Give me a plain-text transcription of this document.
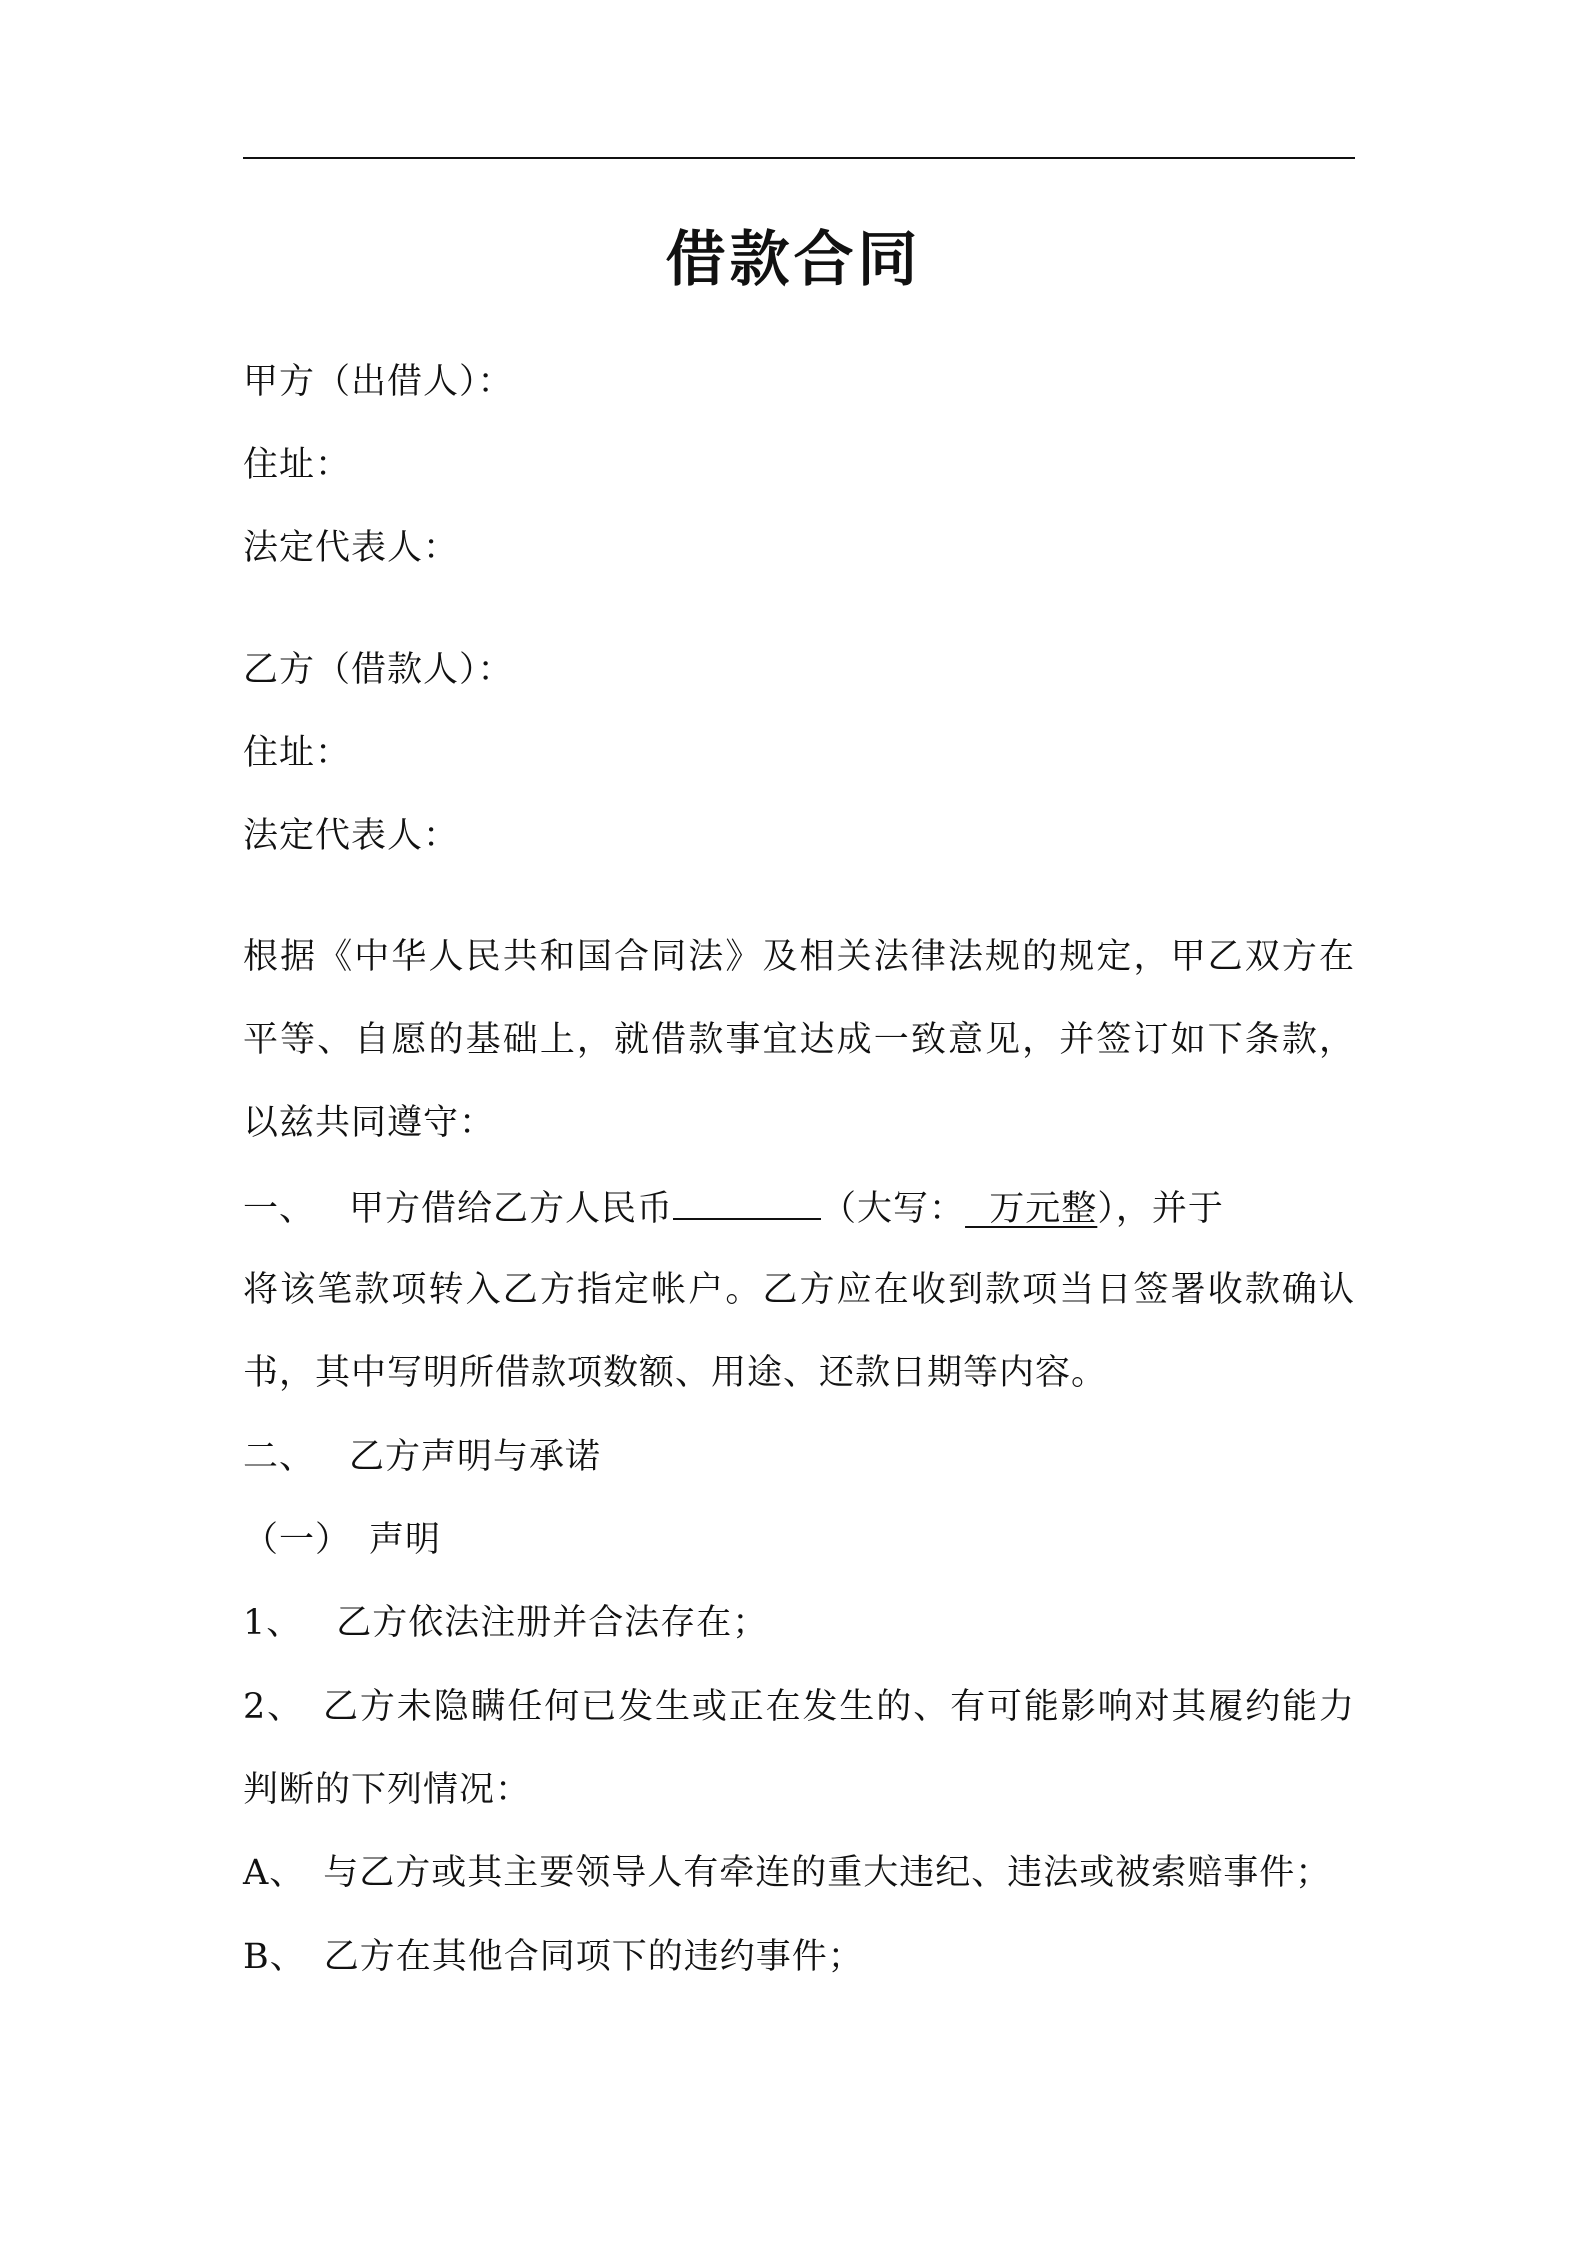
借款合同
甲方（出借人）：
住址：
法定代表人：
乙方（借款人）：
住址：
法定代表人：
根据《中华人民共和国合同法》及相关法律法规的规定，甲乙双方在
平等、自愿的基础上，就借款事宜达成一致意见，并签订如下条款，
以兹共同遵守：
一、 甲方借给乙方人民币	（大写：  万元整），并于
将该笔款项转入乙方指定帐户。乙方应在收到款项当日签署收款确认
书，其中写明所借款项数额、用途、还款日期等内容。
二、 乙方声明与承诺
（一） 声明
1、 乙方依法注册并合法存在；
2、 乙方未隐瞒任何已发生或正在发生的、有可能影响对其履约能力
判断的下列情况：
A、 与乙方或其主要领导人有牵连的重大违纪、违法或被索赔事件；
B、 乙方在其他合同项下的违约事件；
